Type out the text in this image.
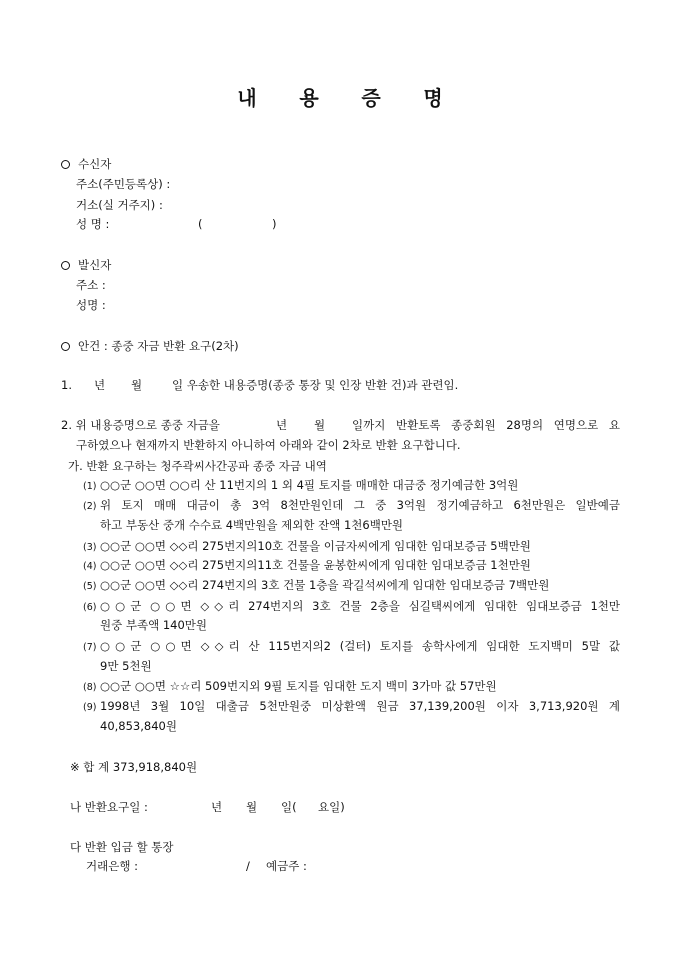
내 용 증 명
수신자
주소(주민등록상) :
거소(실 거주지) :
성 명 :	(	)
발신자
주소 :
성명 :
안건 : 종중 자금 반환 요구(2차)
1. 년 월	일 우송한 내용증명(종중 통장 및 인장 반환 건)과 관련임.
2. 위 내용증명으로 종중 자금을	년 월 일까지 반환토록 종중회원 28명의 연명으로 요
구하였으나 현재까지 반환하지 아니하여 아래와 같이 2차로 반환 요구합니다.
가. 반환 요구하는 청주곽씨사간공파 종중 자금 내역
(1) ○○군 ○○면 ○○리 산 11번지의 1 외 4필 토지를 매매한 대금중 정기예금한 3억원
(2) 위 토지 매매 대금이 총 3억 8천만원인데 그 중 3억원 정기예금하고 6천만원은 일반예금
하고 부동산 중개 수수료 4백만원을 제외한 잔액 1천6백만원
(3) ○○군 ○○면 ◇◇리 275번지의10호 건물을 이금자씨에게 임대한 임대보증금 5백만원
(4) ○○군 ○○면 ◇◇리 275번지의11호 건물을 윤봉한씨에게 임대한 임대보증금 1천만원
(5) ○○군 ○○면 ◇◇리 274번지의 3호 건물 1층을 곽길석씨에게 임대한 임대보증금 7백만원
(6) ○○군 ○○면 ◇◇리 274번지의 3호 건물 2층을 심길택씨에게 임대한 임대보증금 1천만
원중 부족액 140만원
(7) ○○군 ○○면 ◇◇리 산 115번지의2 (걸터) 토지를 송학사에게 임대한 도지백미 5말 값
9만 5천원
(8) ○○군 ○○면 ☆☆리 509번지외 9필 토지를 임대한 도지 백미 3가마 값 57만원
(9) 1998년 3월 10일 대출금 5천만원중 미상환액 원금 37,139,200원 이자 3,713,920원 계
40,853,840원
※ 합 계 373,918,840원
나 반환요구일 :	년 월 일( 요일)
다 반환 입금 할 통장
거래은행 :	/ 예금주 :
